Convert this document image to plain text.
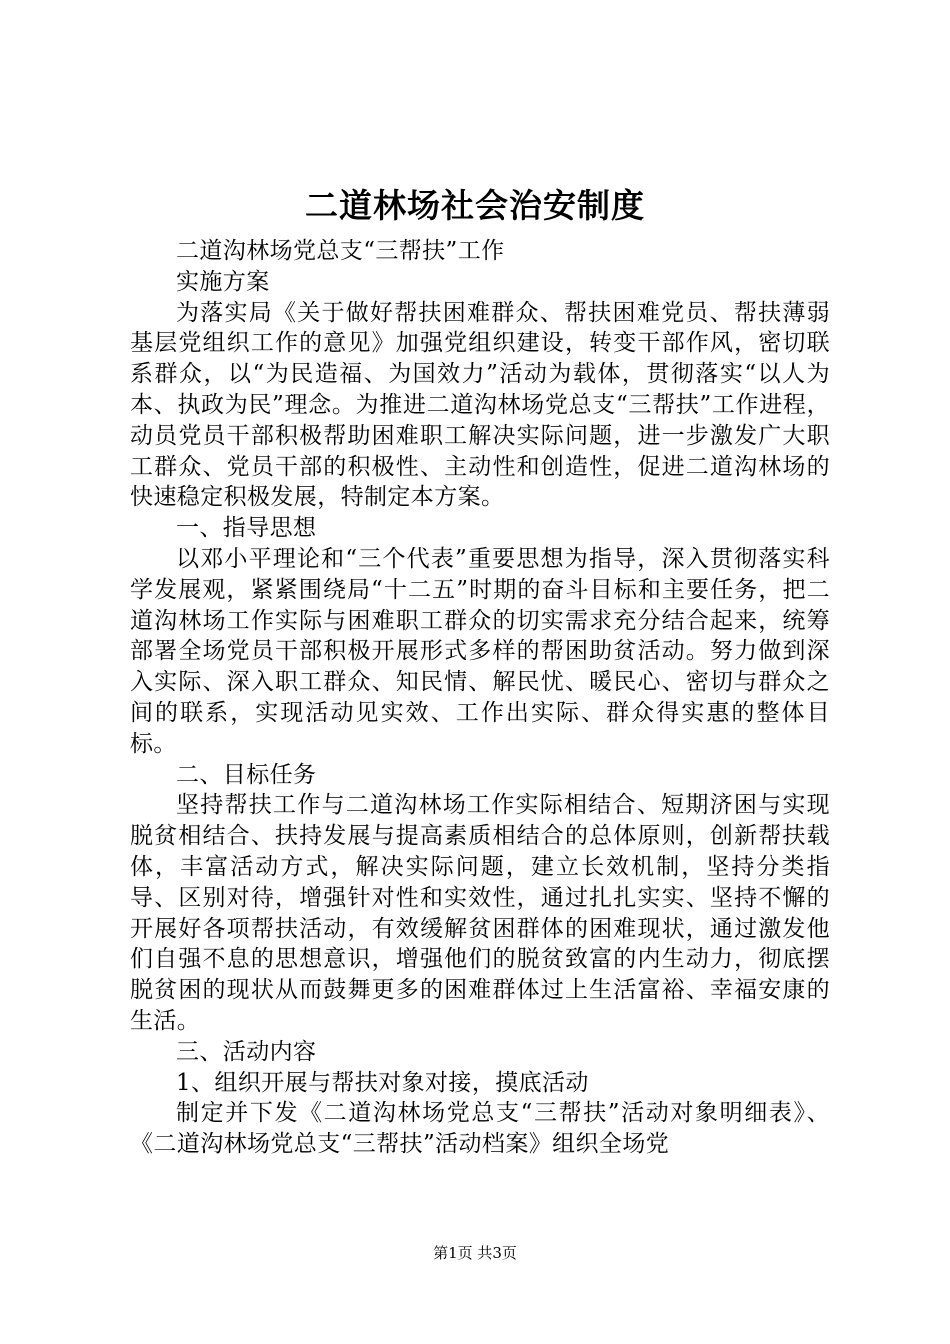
二道林场社会治安制度

二道沟林场党总支“三帮扶”工作

实施方案

为落实局《关于做好帮扶困难群众、帮扶困难党员、帮扶薄弱基层党组织工作的意见》加强党组织建设，转变干部作风，密切联系群众，以“为民造福、为国效力”活动为载体，贯彻落实“以人为本、执政为民”理念。为推进二道沟林场党总支“三帮扶”工作进程，动员党员干部积极帮助困难职工解决实际问题，进一步激发广大职工群众、党员干部的积极性、主动性和创造性，促进二道沟林场的快速稳定积极发展，特制定本方案。

一、指导思想

以邓小平理论和“三个代表”重要思想为指导，深入贯彻落实科学发展观，紧紧围绕局“十二五”时期的奋斗目标和主要任务，把二道沟林场工作实际与困难职工群众的切实需求充分结合起来，统筹部署全场党员干部积极开展形式多样的帮困助贫活动。努力做到深入实际、深入职工群众、知民情、解民忧、暖民心、密切与群众之间的联系，实现活动见实效、工作出实际、群众得实惠的整体目标。

二、目标任务

坚持帮扶工作与二道沟林场工作实际相结合、短期济困与实现脱贫相结合、扶持发展与提高素质相结合的总体原则，创新帮扶载体，丰富活动方式，解决实际问题，建立长效机制，坚持分类指导、区别对待，增强针对性和实效性，通过扎扎实实、坚持不懈的开展好各项帮扶活动，有效缓解贫困群体的困难现状，通过激发他们自强不息的思想意识，增强他们的脱贫致富的内生动力，彻底摆脱贫困的现状从而鼓舞更多的困难群体过上生活富裕、幸福安康的生活。

三、活动内容

1、组织开展与帮扶对象对接，摸底活动

制定并下发《二道沟林场党总支“三帮扶”活动对象明细表》、《二道沟林场党总支“三帮扶”活动档案》组织全场党

第1页 共3页
